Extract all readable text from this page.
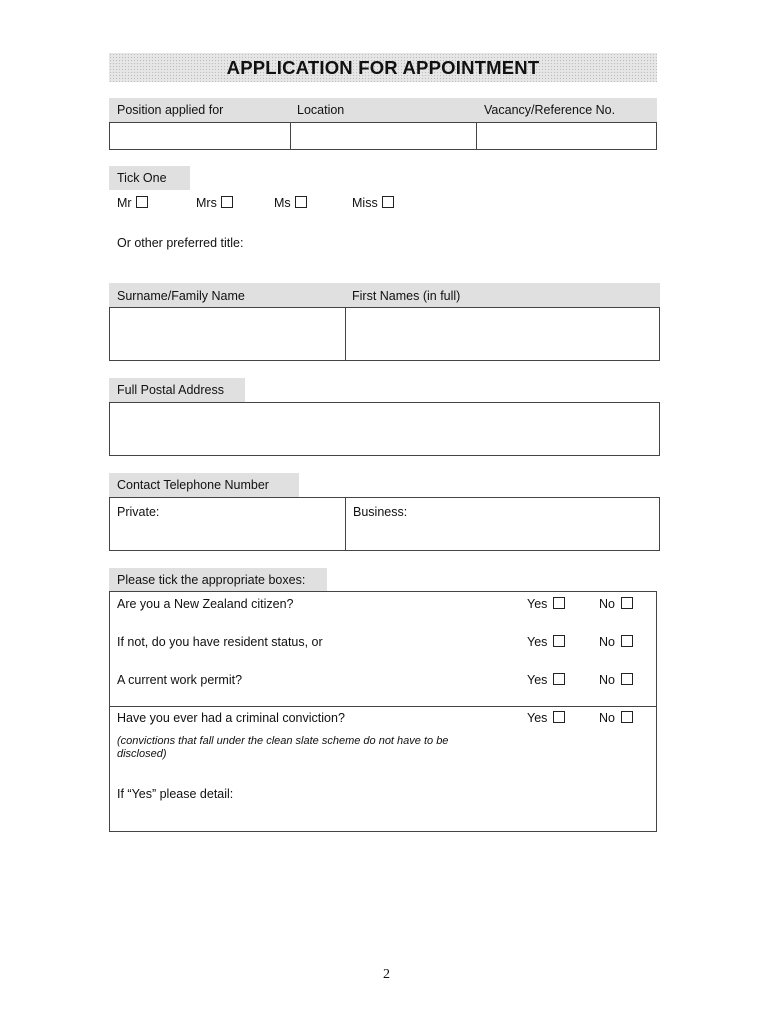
APPLICATION FOR APPOINTMENT
Position applied for	Location	Vacancy/Reference No.
Tick One
Mr	Mrs	Ms	Miss
Or other preferred title:
Surname/Family Name	First Names (in full)
Full Postal Address
Contact Telephone Number
Private:	Business:
Please tick the appropriate boxes:
Are you a New Zealand citizen?	Yes	No
If not, do you have resident status, or	Yes	No
A current work permit?	Yes	No
Have you ever had a criminal conviction?	Yes	No
(convictions that fall under the clean slate scheme do not have to be disclosed)
If “Yes” please detail:
2
